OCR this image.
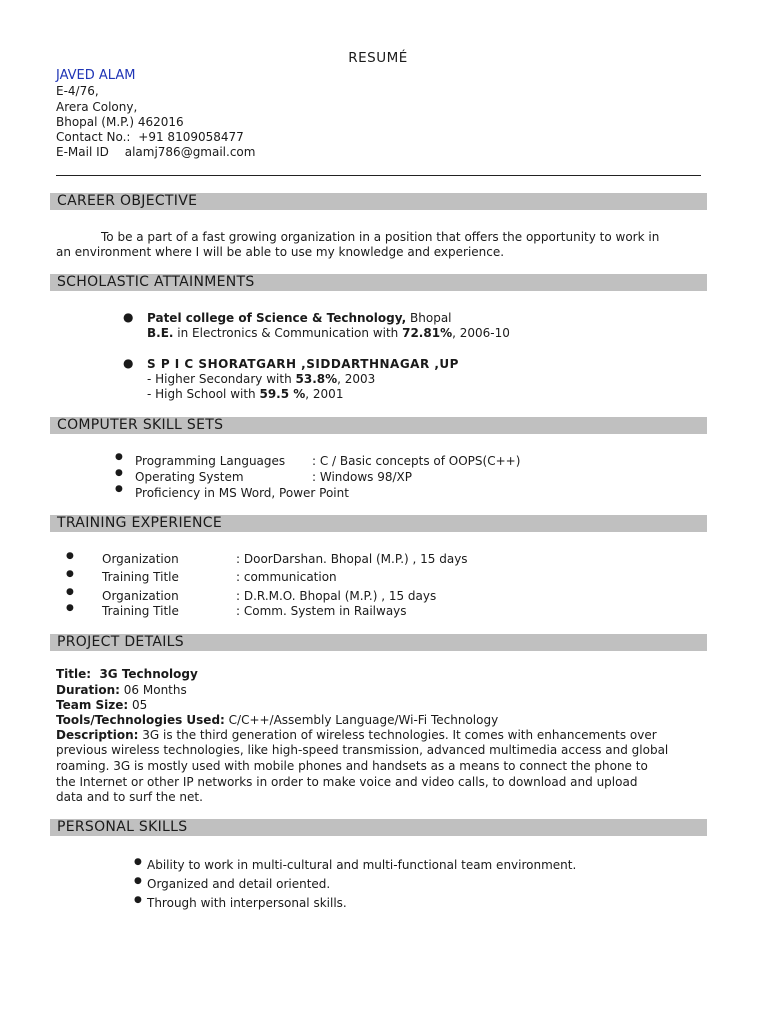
RESUMÉ
JAVED ALAM
E-4/76,
Arera Colony,
Bhopal (M.P.) 462016
Contact No.: +91 8109058477
E-Mail ID alamj786@gmail.com
CAREER OBJECTIVE
To be a part of a fast growing organization in a position that offers the opportunity to work in
an environment where I will be able to use my knowledge and experience.
SCHOLASTIC ATTAINMENTS
● Patel college of Science & Technology, Bhopal
B.E. in Electronics & Communication with 72.81%, 2006-10
● S P I C SHORATGARH ,SIDDARTHNAGAR ,UP
- Higher Secondary with 53.8%, 2003
- High School with 59.5 %, 2001
COMPUTER SKILL SETS
● Programming Languages : C / Basic concepts of OOPS(C++)
● Operating System	: Windows 98/XP
● Proficiency in MS Word, Power Point
TRAINING EXPERIENCE
● Organization	: DoorDarshan. Bhopal (M.P.) , 15 days
● Training Title	: communication
● Organization	: D.R.M.O. Bhopal (M.P.) , 15 days
● Training Title	: Comm. System in Railways
PROJECT DETAILS
Title:  3G Technology
Duration: 06 Months
Team Size: 05
Tools/Technologies Used: C/C++/Assembly Language/Wi-Fi Technology
Description: 3G is the third generation of wireless technologies. It comes with enhancements over
previous wireless technologies, like high-speed transmission, advanced multimedia access and global
roaming. 3G is mostly used with mobile phones and handsets as a means to connect the phone to
the Internet or other IP networks in order to make voice and video calls, to download and upload
data and to surf the net.
PERSONAL SKILLS
● Ability to work in multi-cultural and multi-functional team environment.
● Organized and detail oriented.
● Through with interpersonal skills.
